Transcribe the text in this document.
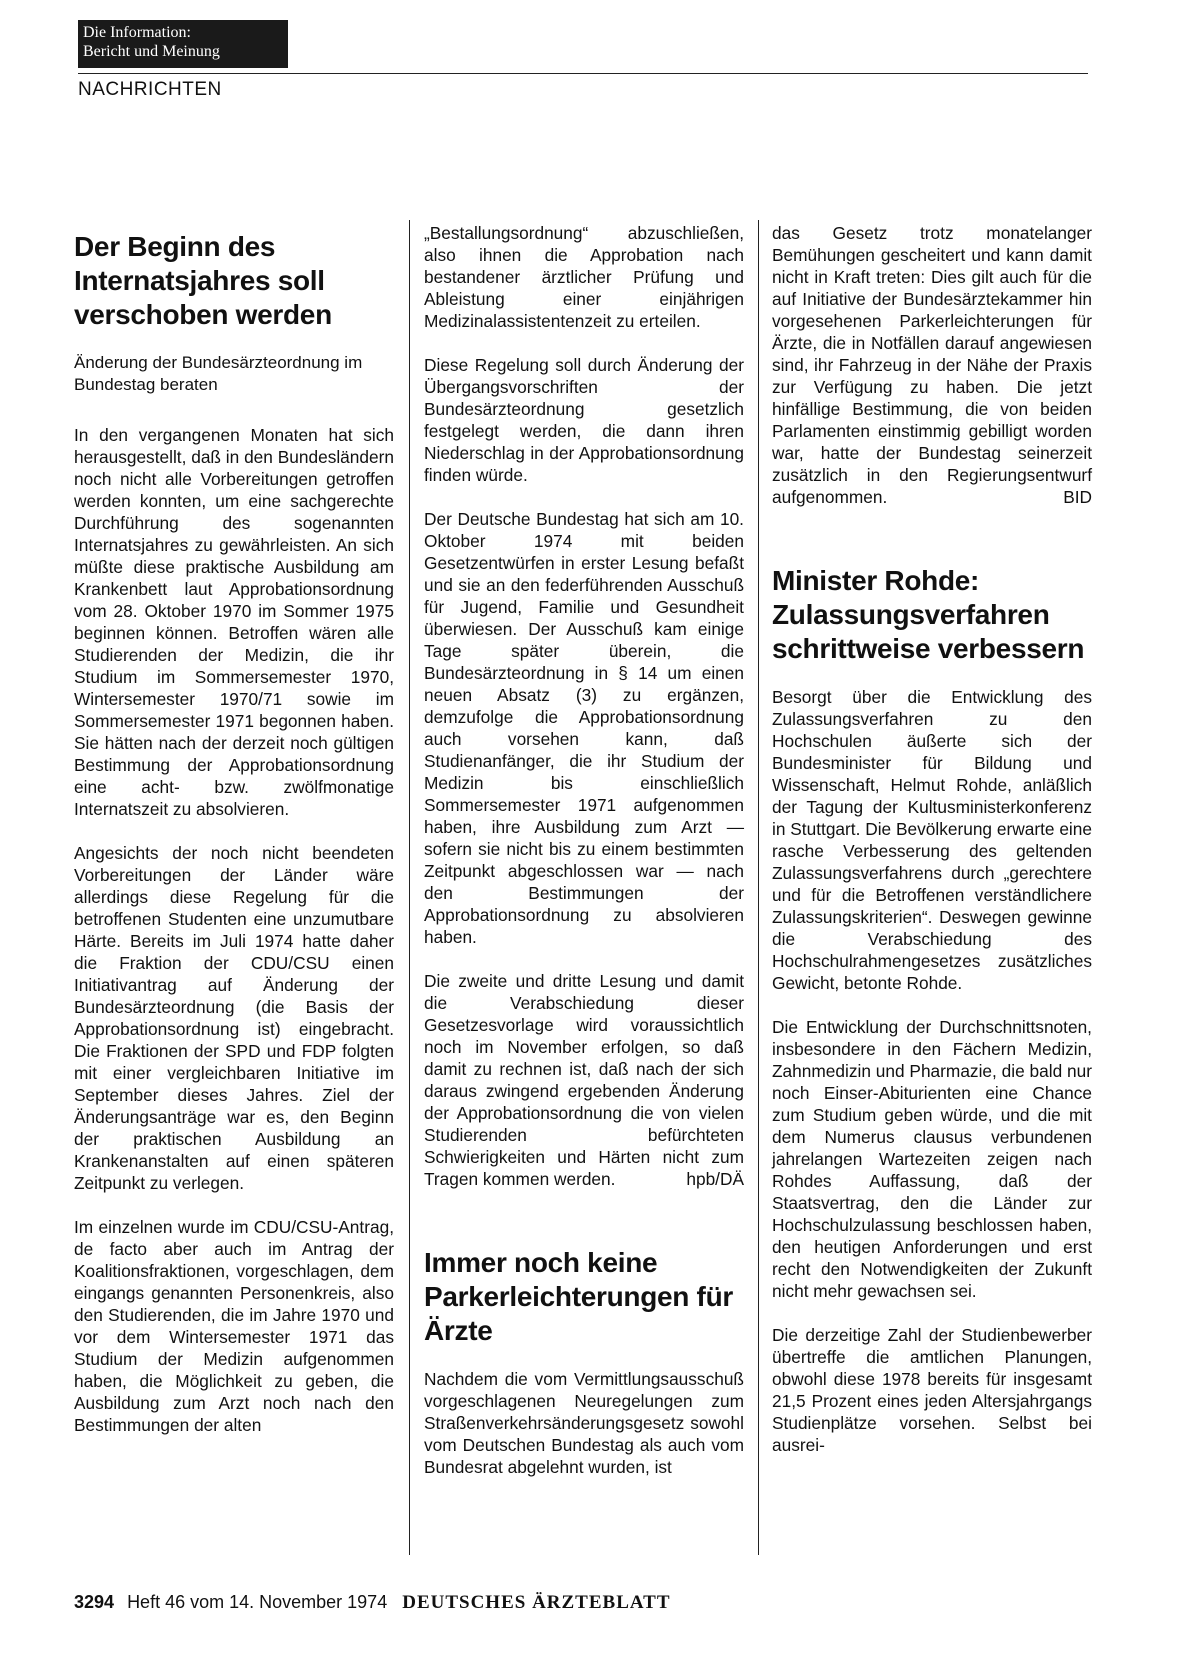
Die Information:
Bericht und Meinung
NACHRICHTEN
Der Beginn des Internatsjahres soll verschoben werden

Änderung der Bundesärzteordnung im Bundestag beraten

In den vergangenen Monaten hat sich herausgestellt, daß in den Bundesländern noch nicht alle Vorbereitungen getroffen werden konnten, um eine sachgerechte Durchführung des sogenannten Internatsjahres zu gewährleisten. An sich müßte diese praktische Ausbildung am Krankenbett laut Approbationsordnung vom 28. Oktober 1970 im Sommer 1975 beginnen können. Betroffen wären alle Studierenden der Medizin, die ihr Studium im Sommersemester 1970, Wintersemester 1970/71 sowie im Sommersemester 1971 begonnen haben. Sie hätten nach der derzeit noch gültigen Bestimmung der Approbationsordnung eine acht- bzw. zwölfmonatige Internatszeit zu absolvieren.

Angesichts der noch nicht beendeten Vorbereitungen der Länder wäre allerdings diese Regelung für die betroffenen Studenten eine unzumutbare Härte. Bereits im Juli 1974 hatte daher die Fraktion der CDU/CSU einen Initiativantrag auf Änderung der Bundesärzteordnung (die Basis der Approbationsordnung ist) eingebracht. Die Fraktionen der SPD und FDP folgten mit einer vergleichbaren Initiative im September dieses Jahres. Ziel der Änderungsanträge war es, den Beginn der praktischen Ausbildung an Krankenanstalten auf einen späteren Zeitpunkt zu verlegen.

Im einzelnen wurde im CDU/CSU-Antrag, de facto aber auch im Antrag der Koalitionsfraktionen, vorgeschlagen, dem eingangs genannten Personenkreis, also den Studierenden, die im Jahre 1970 und vor dem Wintersemester 1971 das Studium der Medizin aufgenommen haben, die Möglichkeit zu geben, die Ausbildung zum Arzt noch nach den Bestimmungen der alten

„Bestallungsordnung“ abzuschließen, also ihnen die Approbation nach bestandener ärztlicher Prüfung und Ableistung einer einjährigen Medizinalassistentenzeit zu erteilen.

Diese Regelung soll durch Änderung der Übergangsvorschriften der Bundesärzteordnung gesetzlich festgelegt werden, die dann ihren Niederschlag in der Approbationsordnung finden würde.

Der Deutsche Bundestag hat sich am 10. Oktober 1974 mit beiden Gesetzentwürfen in erster Lesung befaßt und sie an den federführenden Ausschuß für Jugend, Familie und Gesundheit überwiesen. Der Ausschuß kam einige Tage später überein, die Bundesärzteordnung in § 14 um einen neuen Absatz (3) zu ergänzen, demzufolge die Approbationsordnung auch vorsehen kann, daß Studienanfänger, die ihr Studium der Medizin bis einschließlich Sommersemester 1971 aufgenommen haben, ihre Ausbildung zum Arzt — sofern sie nicht bis zu einem bestimmten Zeitpunkt abgeschlossen war — nach den Bestimmungen der Approbationsordnung zu absolvieren haben.

Die zweite und dritte Lesung und damit die Verabschiedung dieser Gesetzesvorlage wird voraussichtlich noch im November erfolgen, so daß damit zu rechnen ist, daß nach der sich daraus zwingend ergebenden Änderung der Approbationsordnung die von vielen Studierenden befürchteten Schwierigkeiten und Härten nicht zum Tragen kommen werden.	hpb/DÄ

Immer noch keine Parkerleichterungen für Ärzte

Nachdem die vom Vermittlungsausschuß vorgeschlagenen Neuregelungen zum Straßenverkehrsänderungsgesetz sowohl vom Deutschen Bundestag als auch vom Bundesrat abgelehnt wurden, ist

das Gesetz trotz monatelanger Bemühungen gescheitert und kann damit nicht in Kraft treten: Dies gilt auch für die auf Initiative der Bundesärztekammer hin vorgesehenen Parkerleichterungen für Ärzte, die in Notfällen darauf angewiesen sind, ihr Fahrzeug in der Nähe der Praxis zur Verfügung zu haben. Die jetzt hinfällige Bestimmung, die von beiden Parlamenten einstimmig gebilligt worden war, hatte der Bundestag seinerzeit zusätzlich in den Regierungsentwurf aufgenommen.	BID

Minister Rohde: Zulassungsverfahren schrittweise verbessern

Besorgt über die Entwicklung des Zulassungsverfahren zu den Hochschulen äußerte sich der Bundesminister für Bildung und Wissenschaft, Helmut Rohde, anläßlich der Tagung der Kultusministerkonferenz in Stuttgart. Die Bevölkerung erwarte eine rasche Verbesserung des geltenden Zulassungsverfahrens durch „gerechtere und für die Betroffenen verständlichere Zulassungskriterien“. Deswegen gewinne die Verabschiedung des Hochschulrahmengesetzes zusätzliches Gewicht, betonte Rohde.

Die Entwicklung der Durchschnittsnoten, insbesondere in den Fächern Medizin, Zahnmedizin und Pharmazie, die bald nur noch Einser-Abiturienten eine Chance zum Studium geben würde, und die mit dem Numerus clausus verbundenen jahrelangen Wartezeiten zeigen nach Rohdes Auffassung, daß der Staatsvertrag, den die Länder zur Hochschulzulassung beschlossen haben, den heutigen Anforderungen und erst recht den Notwendigkeiten der Zukunft nicht mehr gewachsen sei.

Die derzeitige Zahl der Studienbewerber übertreffe die amtlichen Planungen, obwohl diese 1978 bereits für insgesamt 21,5 Prozent eines jeden Altersjahrgangs Studienplätze vorsehen. Selbst bei ausrei-

3294 Heft 46 vom 14. November 1974 DEUTSCHES ÄRZTEBLATT
